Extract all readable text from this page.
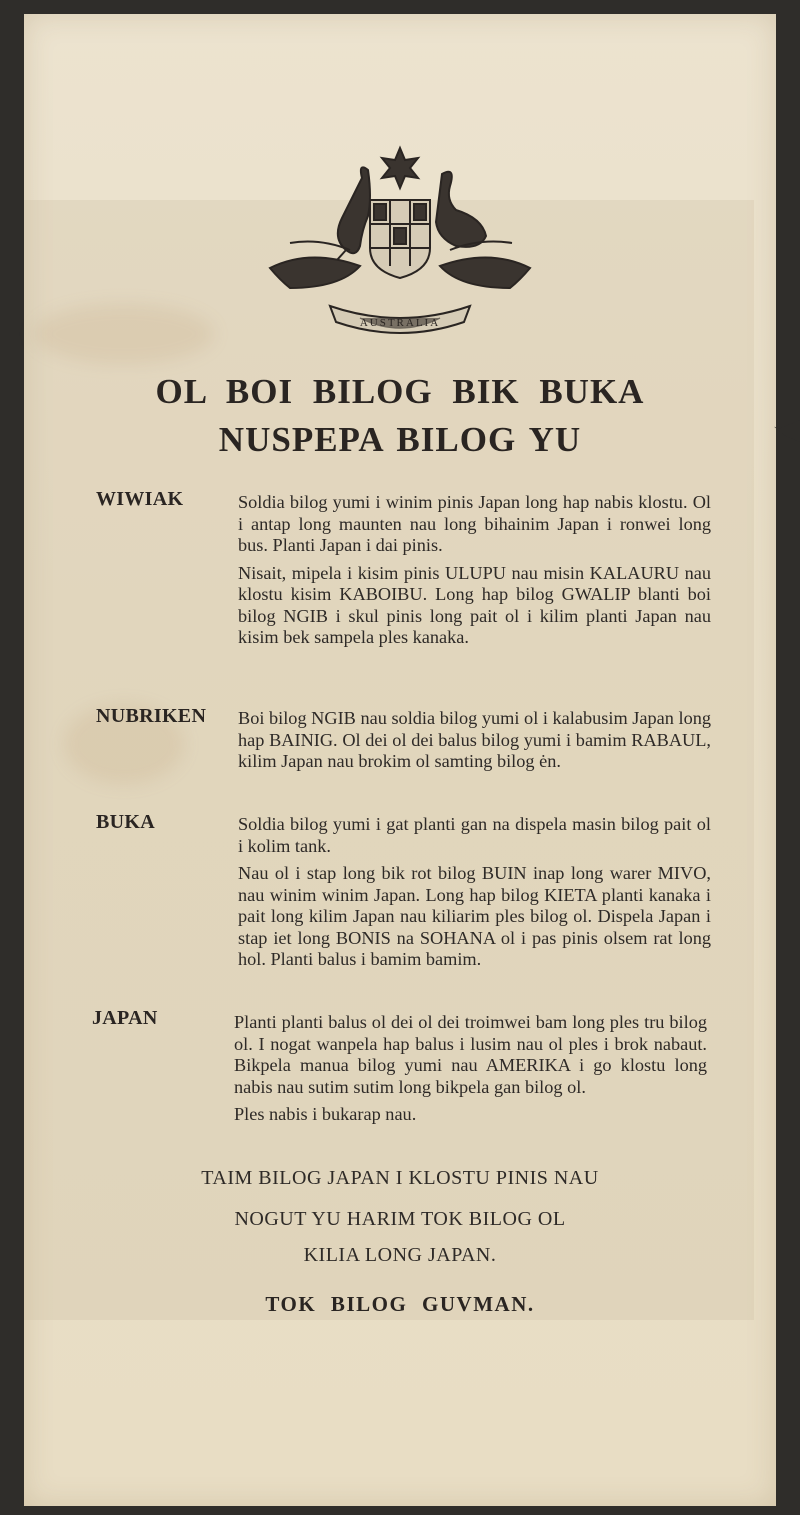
AUSTRALIA
OL BOI BILOG BIK BUKA
NUSPEPA BILOG YU
WIWIAK	Soldia bilog yumi i winim pinis Japan long hap nabis klostu. Ol i antap long maunten nau long bihainim Japan i ronwei long bus. Planti Japan i dai pinis.

Nisait, mipela i kisim pinis ULUPU nau misin KALAURU nau klostu kisim KABOIBU. Long hap bilog GWALIP blanti boi bilog NGIB i skul pinis long pait ol i kilim planti Japan nau kisim bek sampela ples kanaka.

NUBRIKEN Boi bilog NGIB nau soldia bilog yumi ol i kalabusim Japan long hap BAINIG. Ol dei ol dei balus bilog yumi i bamim RABAUL, kilim Japan nau brokim ol samting bilog ėn.

BUKA	Soldia bilog yumi i gat planti gan na dispela masin bilog pait ol i kolim tank.

Nau ol i stap long bik rot bilog BUIN inap long warer MIVO, nau winim winim Japan. Long hap bilog KIETA planti kanaka i pait long kilim Japan nau kiliarim ples bilog ol. Dispela Japan i stap iet long BONIS na SOHANA ol i pas pinis olsem rat long hol. Planti balus i bamim bamim.

JAPAN	Planti planti balus ol dei ol dei troimwei bam long ples tru bilog ol. I nogat wanpela hap balus i lusim nau ol ples i brok nabaut. Bikpela manua bilog yumi nau AMERIKA i go klostu long nabis nau sutim sutim long bikpela gan bilog ol.

Ples nabis i bukarap nau.

TAIM BILOG JAPAN I KLOSTU PINIS NAU
NOGUT YU HARIM TOK BILOG OL
KILIA LONG JAPAN.
TOK BILOG GUVMAN.
